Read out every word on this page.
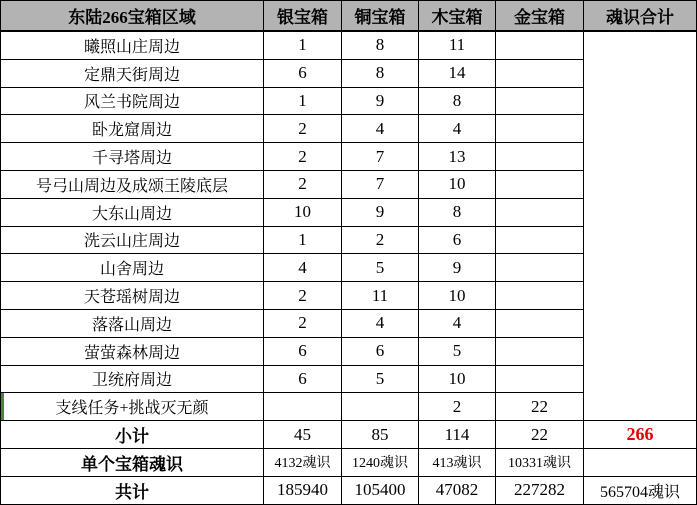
东陆266宝箱区域	银宝箱	铜宝箱	木宝箱	金宝箱	魂识合计
曦照山庄周边	1	8	11		
定鼎天街周边	6	8	14		
风兰书院周边	1	9	8		
卧龙窟周边	2	4	4		
千寻塔周边	2	7	13		
号弓山周边及成颂王陵底层	2	7	10		
大东山周边	10	9	8		
洗云山庄周边	1	2	6		
山舍周边	4	5	9		
天苍瑶树周边	2	11	10		
落落山周边	2	4	4		
萤萤森林周边	6	6	5		
卫统府周边	6	5	10		
支线任务+挑战灭无颜			2	22	
小计	45	85	114	22	266
单个宝箱魂识	4132魂识	1240魂识	413魂识	10331魂识	
共计	185940	105400	47082	227282	565704魂识
